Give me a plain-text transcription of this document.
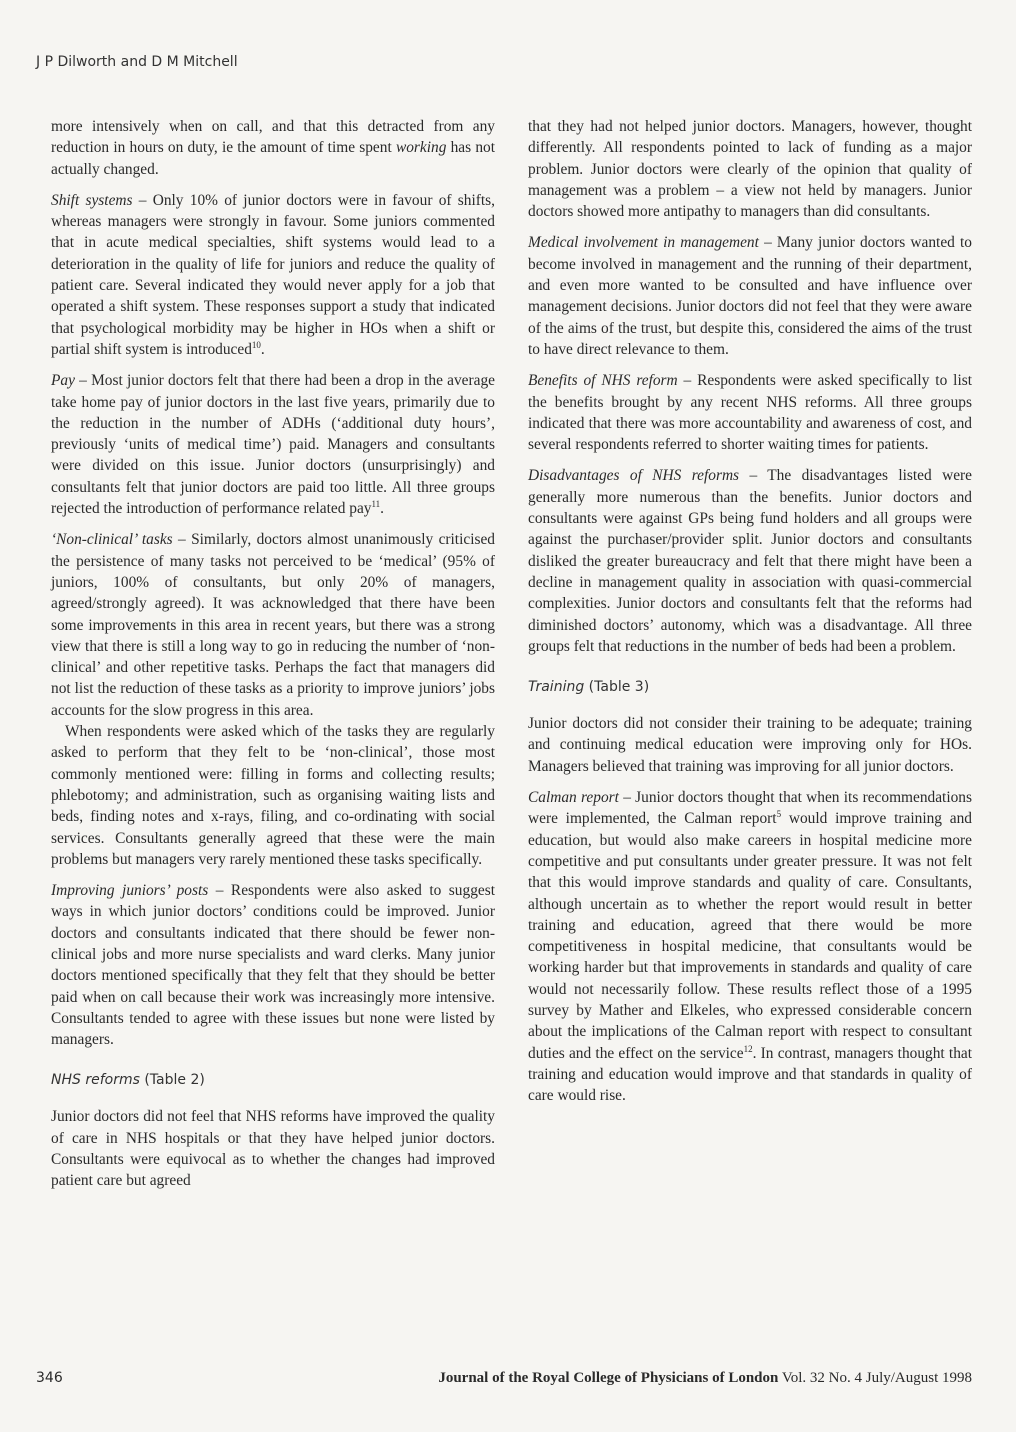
J P Dilworth and D M Mitchell

more intensively when on call, and that this detracted from any reduction in hours on duty, ie the amount of time spent working has not actually changed.

Shift systems – Only 10% of junior doctors were in favour of shifts, whereas managers were strongly in favour. Some juniors commented that in acute medical specialties, shift systems would lead to a deterioration in the quality of life for juniors and reduce the quality of patient care. Several indicated they would never apply for a job that operated a shift system. These responses support a study that indicated that psychological morbidity may be higher in HOs when a shift or partial shift system is introduced$^{10}$.

Pay – Most junior doctors felt that there had been a drop in the average take home pay of junior doctors in the last five years, primarily due to the reduction in the number of ADHs (‘additional duty hours’, previously ‘units of medical time’) paid. Managers and consultants were divided on this issue. Junior doctors (unsurprisingly) and consultants felt that junior doctors are paid too little. All three groups rejected the introduction of performance related pay$^{11}$.

‘Non-clinical’ tasks – Similarly, doctors almost unanimously criticised the persistence of many tasks not perceived to be ‘medical’ (95% of juniors, 100% of consultants, but only 20% of managers, agreed/strongly agreed). It was acknowledged that there have been some improvements in this area in recent years, but there was a strong view that there is still a long way to go in reducing the number of ‘non-clinical’ and other repetitive tasks. Perhaps the fact that managers did not list the reduction of these tasks as a priority to improve juniors’ jobs accounts for the slow progress in this area.

When respondents were asked which of the tasks they are regularly asked to perform that they felt to be ‘non-clinical’, those most commonly mentioned were: filling in forms and collecting results; phlebotomy; and administration, such as organising waiting lists and beds, finding notes and x-rays, filing, and co-ordinating with social services. Consultants generally agreed that these were the main problems but managers very rarely mentioned these tasks specifically.

Improving juniors’ posts – Respondents were also asked to suggest ways in which junior doctors’ conditions could be improved. Junior doctors and consultants indicated that there should be fewer non-clinical jobs and more nurse specialists and ward clerks. Many junior doctors mentioned specifically that they felt that they should be better paid when on call because their work was increasingly more intensive. Consultants tended to agree with these issues but none were listed by managers.

NHS reforms (Table 2)

Junior doctors did not feel that NHS reforms have improved the quality of care in NHS hospitals or that they have helped junior doctors. Consultants were equivocal as to whether the changes had improved patient care but agreed

that they had not helped junior doctors. Managers, however, thought differently. All respondents pointed to lack of funding as a major problem. Junior doctors were clearly of the opinion that quality of management was a problem – a view not held by managers. Junior doctors showed more antipathy to managers than did consultants.

Medical involvement in management – Many junior doctors wanted to become involved in management and the running of their department, and even more wanted to be consulted and have influence over management decisions. Junior doctors did not feel that they were aware of the aims of the trust, but despite this, considered the aims of the trust to have direct relevance to them.

Benefits of NHS reform – Respondents were asked specifically to list the benefits brought by any recent NHS reforms. All three groups indicated that there was more accountability and awareness of cost, and several respondents referred to shorter waiting times for patients.

Disadvantages of NHS reforms – The disadvantages listed were generally more numerous than the benefits. Junior doctors and consultants were against GPs being fund holders and all groups were against the purchaser/provider split. Junior doctors and consultants disliked the greater bureaucracy and felt that there might have been a decline in management quality in association with quasi-commercial complexities. Junior doctors and consultants felt that the reforms had diminished doctors’ autonomy, which was a disadvantage. All three groups felt that reductions in the number of beds had been a problem.

Training (Table 3)

Junior doctors did not consider their training to be adequate; training and continuing medical education were improving only for HOs. Managers believed that training was improving for all junior doctors.

Calman report – Junior doctors thought that when its recommendations were implemented, the Calman report$^5$ would improve training and education, but would also make careers in hospital medicine more competitive and put consultants under greater pressure. It was not felt that this would improve standards and quality of care. Consultants, although uncertain as to whether the report would result in better training and education, agreed that there would be more competitiveness in hospital medicine, that consultants would be working harder but that improvements in standards and quality of care would not necessarily follow. These results reflect those of a 1995 survey by Mather and Elkeles, who expressed considerable concern about the implications of the Calman report with respect to consultant duties and the effect on the service$^{12}$. In contrast, managers thought that training and education would improve and that standards in quality of care would rise.

346	Journal of the Royal College of Physicians of London Vol. 32 No. 4 July/August 1998
